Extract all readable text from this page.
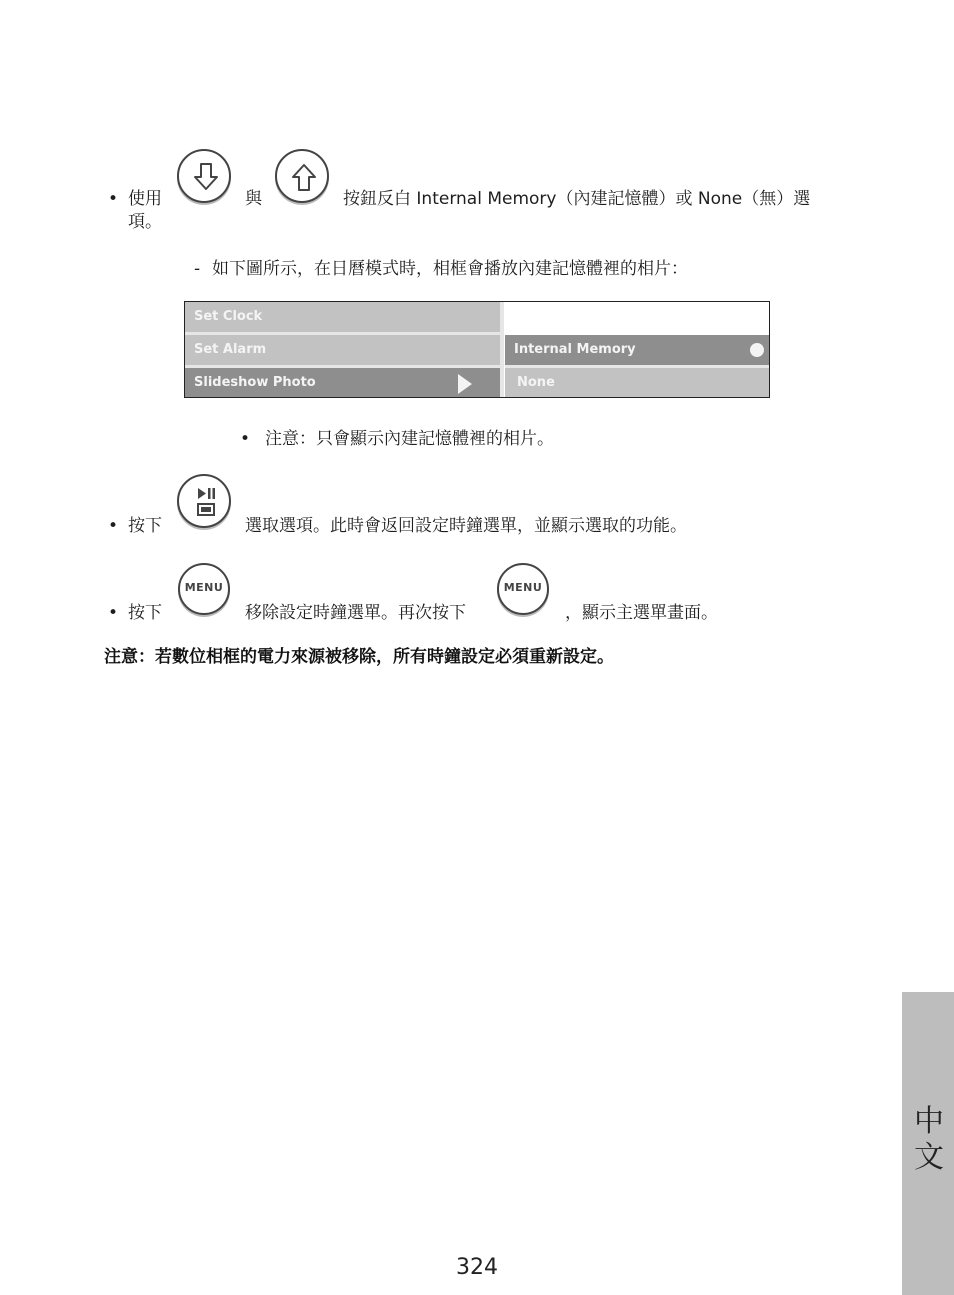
• 使用	與	按鈕反白 Internal Memory（內建記憶體）或 None（無）選
項。
- 如下圖所示，在日曆模式時，相框會播放內建記憶體裡的相片：
Set Clock
Set Alarm
Slideshow Photo
Internal Memory
None
• 注意：只會顯示內建記憶體裡的相片。
• 按下	選取選項。此時會返回設定時鐘選單，並顯示選取的功能。
• 按下
MENU
移除設定時鐘選單。再次按下
MENU
，顯示主選單畫面。
注意：若數位相框的電力來源被移除，所有時鐘設定必須重新設定。
324
中文
